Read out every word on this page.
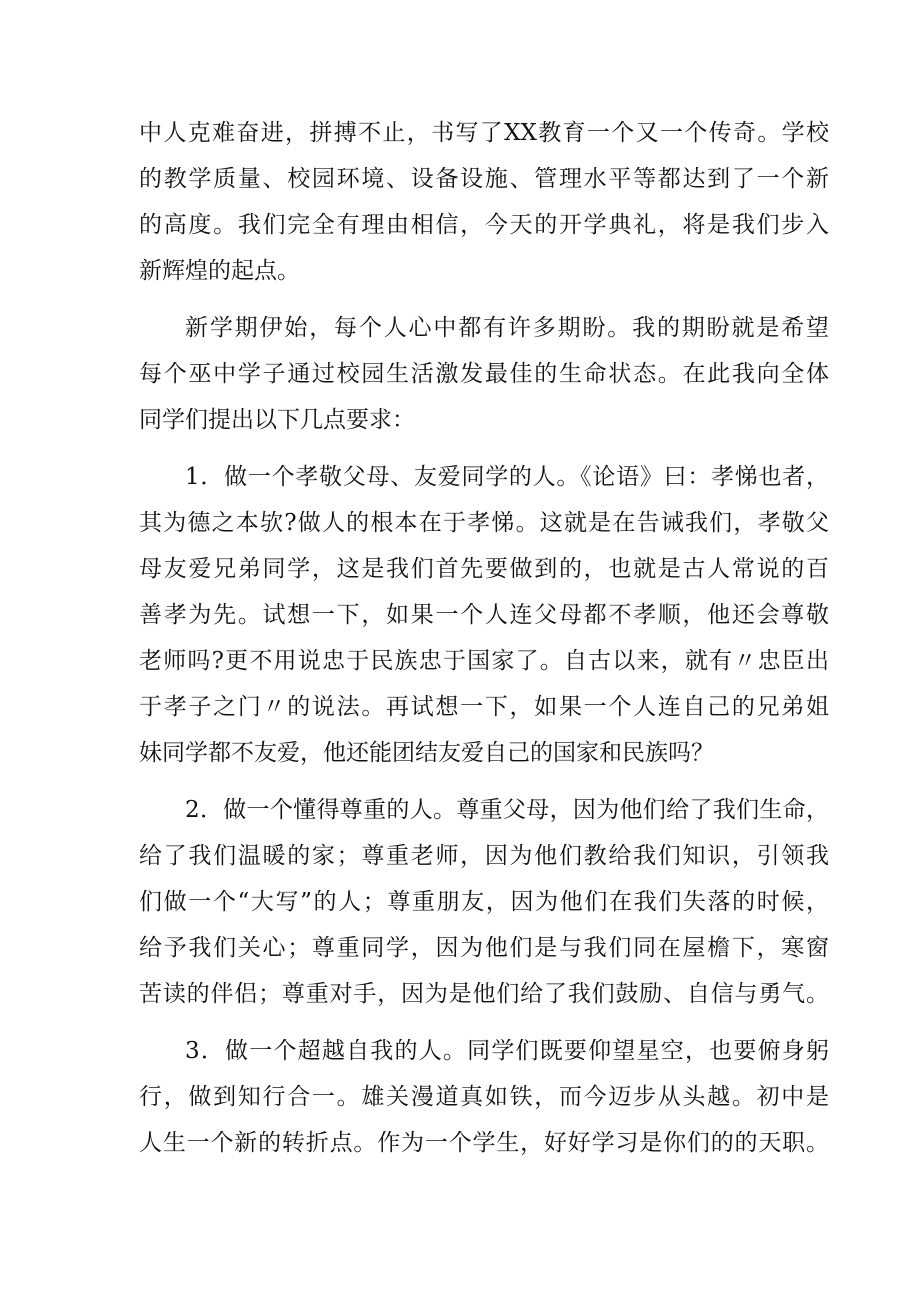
中人克难奋进，拼搏不止，书写了XX教育一个又一个传奇。学校
的教学质量、校园环境、设备设施、管理水平等都达到了一个新
的高度。我们完全有理由相信，今天的开学典礼，将是我们步入
新辉煌的起点。
新学期伊始，每个人心中都有许多期盼。我的期盼就是希望
每个巫中学子通过校园生活激发最佳的生命状态。在此我向全体
同学们提出以下几点要求：
1．做一个孝敬父母、友爱同学的人。《论语》曰：孝悌也者，
其为德之本欤?做人的根本在于孝悌。这就是在告诫我们，孝敬父
母友爱兄弟同学，这是我们首先要做到的，也就是古人常说的百
善孝为先。试想一下，如果一个人连父母都不孝顺，他还会尊敬
老师吗?更不用说忠于民族忠于国家了。自古以来，就有〃忠臣出
于孝子之门〃的说法。再试想一下，如果一个人连自己的兄弟姐
妹同学都不友爱，他还能团结友爱自己的国家和民族吗？
2．做一个懂得尊重的人。尊重父母，因为他们给了我们生命，
给了我们温暖的家；尊重老师，因为他们教给我们知识，引领我
们做一个“大写”的人；尊重朋友，因为他们在我们失落的时候，
给予我们关心；尊重同学，因为他们是与我们同在屋檐下，寒窗
苦读的伴侣；尊重对手，因为是他们给了我们鼓励、自信与勇气。
3．做一个超越自我的人。同学们既要仰望星空，也要俯身躬
行，做到知行合一。雄关漫道真如铁，而今迈步从头越。初中是
人生一个新的转折点。作为一个学生，好好学习是你们的的天职。
